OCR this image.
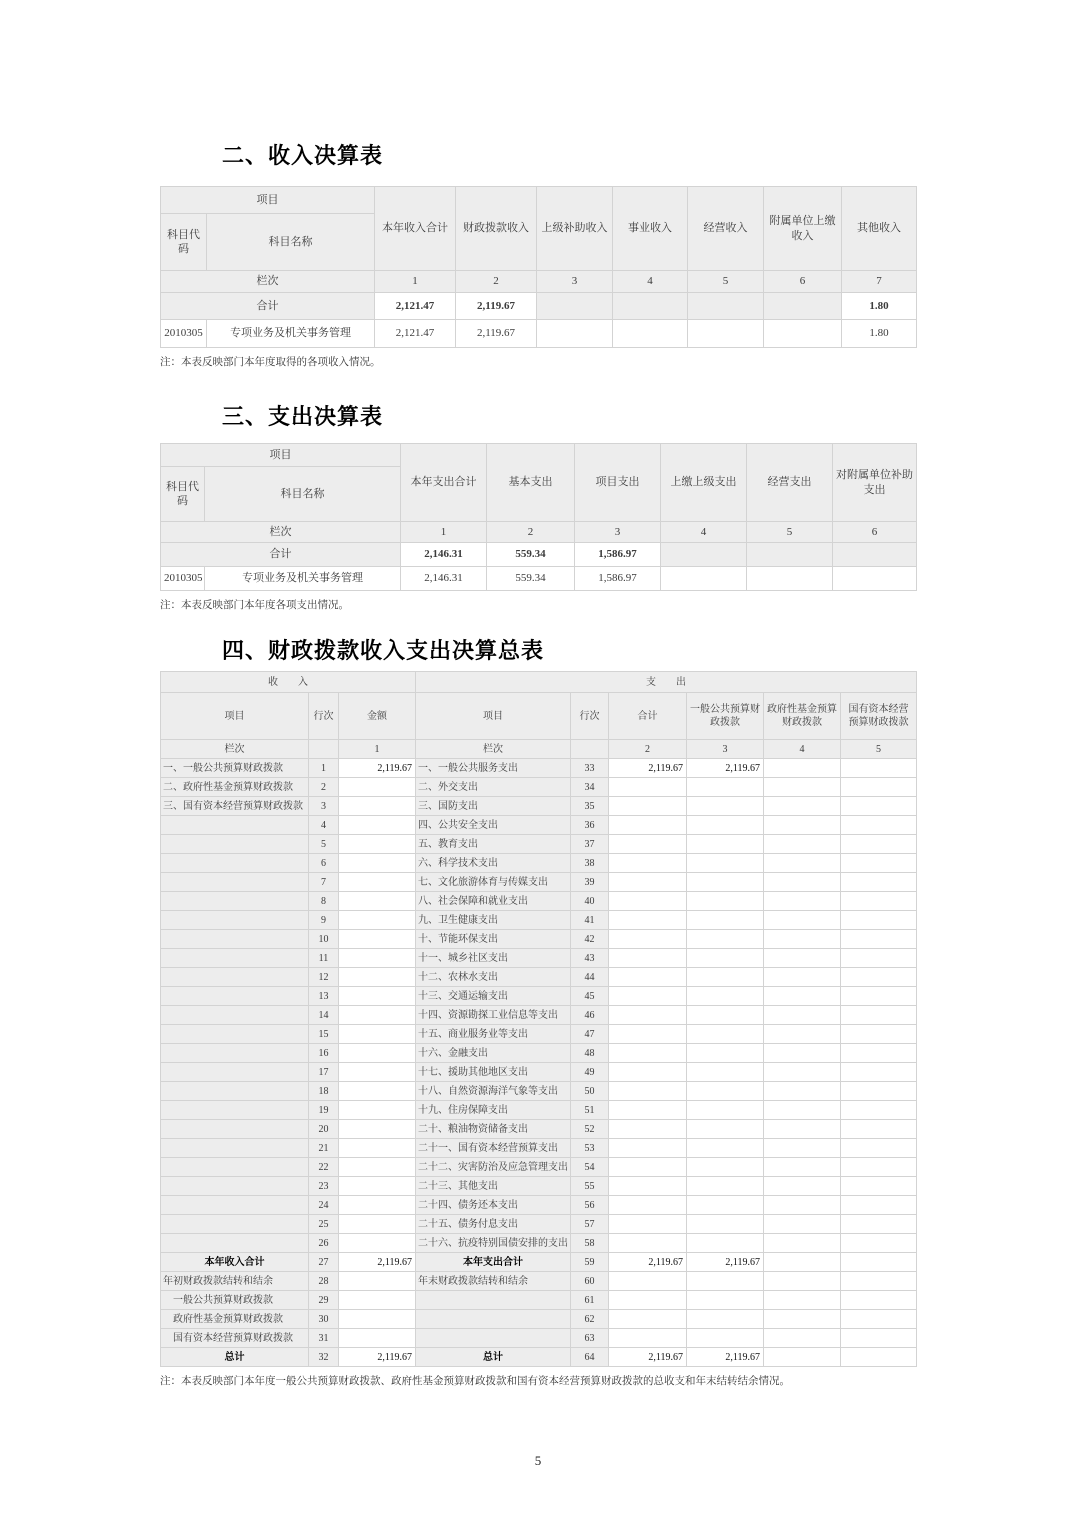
二、收入决算表
项目		本年收入合计	财政拨款收入	上级补助收入	事业收入	经营收入	附属单位上缴收入	其他收入
科目代码	科目名称							
栏次		1	2	3	4	5	6	7
合计		2,121.47	2,119.67					1.80
2010305	专项业务及机关事务管理	2,121.47	2,119.67					1.80
注：本表反映部门本年度取得的各项收入情况。
三、支出决算表
项目		本年支出合计	基本支出	项目支出	上缴上级支出	经营支出	对附属单位补助支出
科目代码	科目名称						
栏次		1	2	3	4	5	6
合计		2,146.31	559.34	1,586.97			
2010305	专项业务及机关事务管理	2,146.31	559.34	1,586.97			
注：本表反映部门本年度各项支出情况。
四、财政拨款收入支出决算总表
收　　入			支　　出					
项目	行次	金额	项目	行次	合计	一般公共预算财政拨款	政府性基金预算财政拨款	国有资本经营预算财政拨款
栏次		1	栏次		2	3	4	5
一、一般公共预算财政拨款	1	2,119.67	一、一般公共服务支出	33	2,119.67	2,119.67		
二、政府性基金预算财政拨款	2		二、外交支出	34				
三、国有资本经营预算财政拨款	3		三、国防支出	35				
	4		四、公共安全支出	36				
	5		五、教育支出	37				
	6		六、科学技术支出	38				
	7		七、文化旅游体育与传媒支出	39				
	8		八、社会保障和就业支出	40				
	9		九、卫生健康支出	41				
	10		十、节能环保支出	42				
	11		十一、城乡社区支出	43				
	12		十二、农林水支出	44				
	13		十三、交通运输支出	45				
	14		十四、资源勘探工业信息等支出	46				
	15		十五、商业服务业等支出	47				
	16		十六、金融支出	48				
	17		十七、援助其他地区支出	49				
	18		十八、自然资源海洋气象等支出	50				
	19		十九、住房保障支出	51				
	20		二十、粮油物资储备支出	52				
	21		二十一、国有资本经营预算支出	53				
	22		二十二、灾害防治及应急管理支出	54				
	23		二十三、其他支出	55				
	24		二十四、债务还本支出	56				
	25		二十五、债务付息支出	57				
	26		二十六、抗疫特别国债安排的支出	58				
本年收入合计	27	2,119.67	本年支出合计	59	2,119.67	2,119.67		
年初财政拨款结转和结余	28		年末财政拨款结转和结余	60				
　一般公共预算财政拨款	29			61				
　政府性基金预算财政拨款	30			62				
　国有资本经营预算财政拨款	31			63				
总计	32	2,119.67	总计	64	2,119.67	2,119.67		
注：本表反映部门本年度一般公共预算财政拨款、政府性基金预算财政拨款和国有资本经营预算财政拨款的总收支和年末结转结余情况。
5
